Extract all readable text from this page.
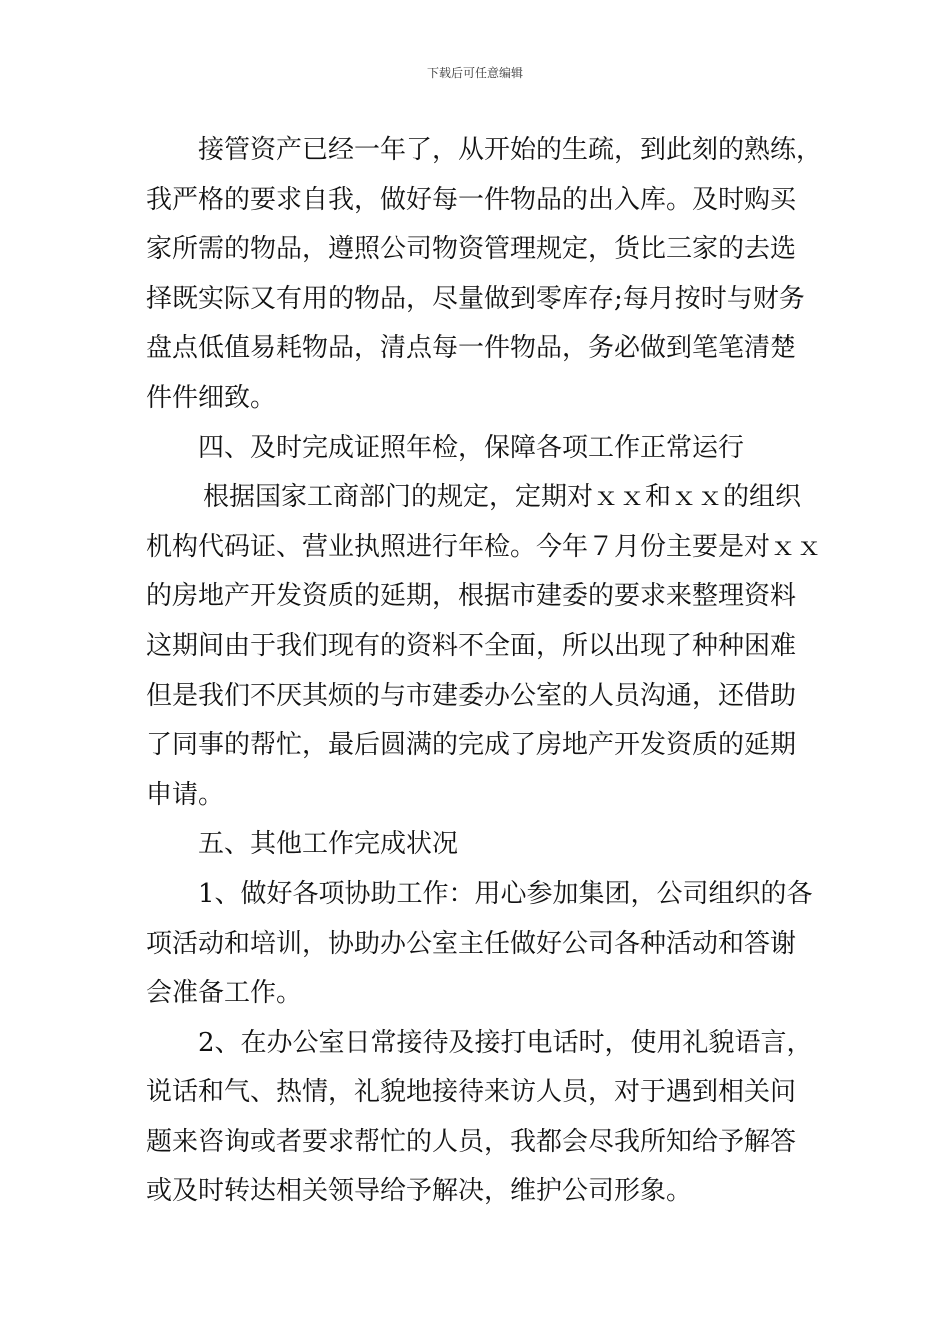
下载后可任意编辑
接管资产已经一年了，从开始的生疏，到此刻的熟练，
我严格的要求自我，做好每一件物品的出入库。及时购买
家所需的物品，遵照公司物资管理规定，货比三家的去选
择既实际又有用的物品，尽量做到零库存;每月按时与财务
盘点低值易耗物品，清点每一件物品，务必做到笔笔清楚
件件细致。
四、及时完成证照年检，保障各项工作正常运行
根据国家工商部门的规定，定期对ｘｘ和ｘｘ的组织
机构代码证、营业执照进行年检。今年７月份主要是对ｘｘ
的房地产开发资质的延期，根据市建委的要求来整理资料
这期间由于我们现有的资料不全面，所以出现了种种困难
但是我们不厌其烦的与市建委办公室的人员沟通，还借助
了同事的帮忙，最后圆满的完成了房地产开发资质的延期
申请。
五、其他工作完成状况
1、做好各项协助工作：用心参加集团，公司组织的各
项活动和培训，协助办公室主任做好公司各种活动和答谢
会准备工作。
2、在办公室日常接待及接打电话时，使用礼貌语言，
说话和气、热情，礼貌地接待来访人员，对于遇到相关问
题来咨询或者要求帮忙的人员，我都会尽我所知给予解答
或及时转达相关领导给予解决，维护公司形象。
